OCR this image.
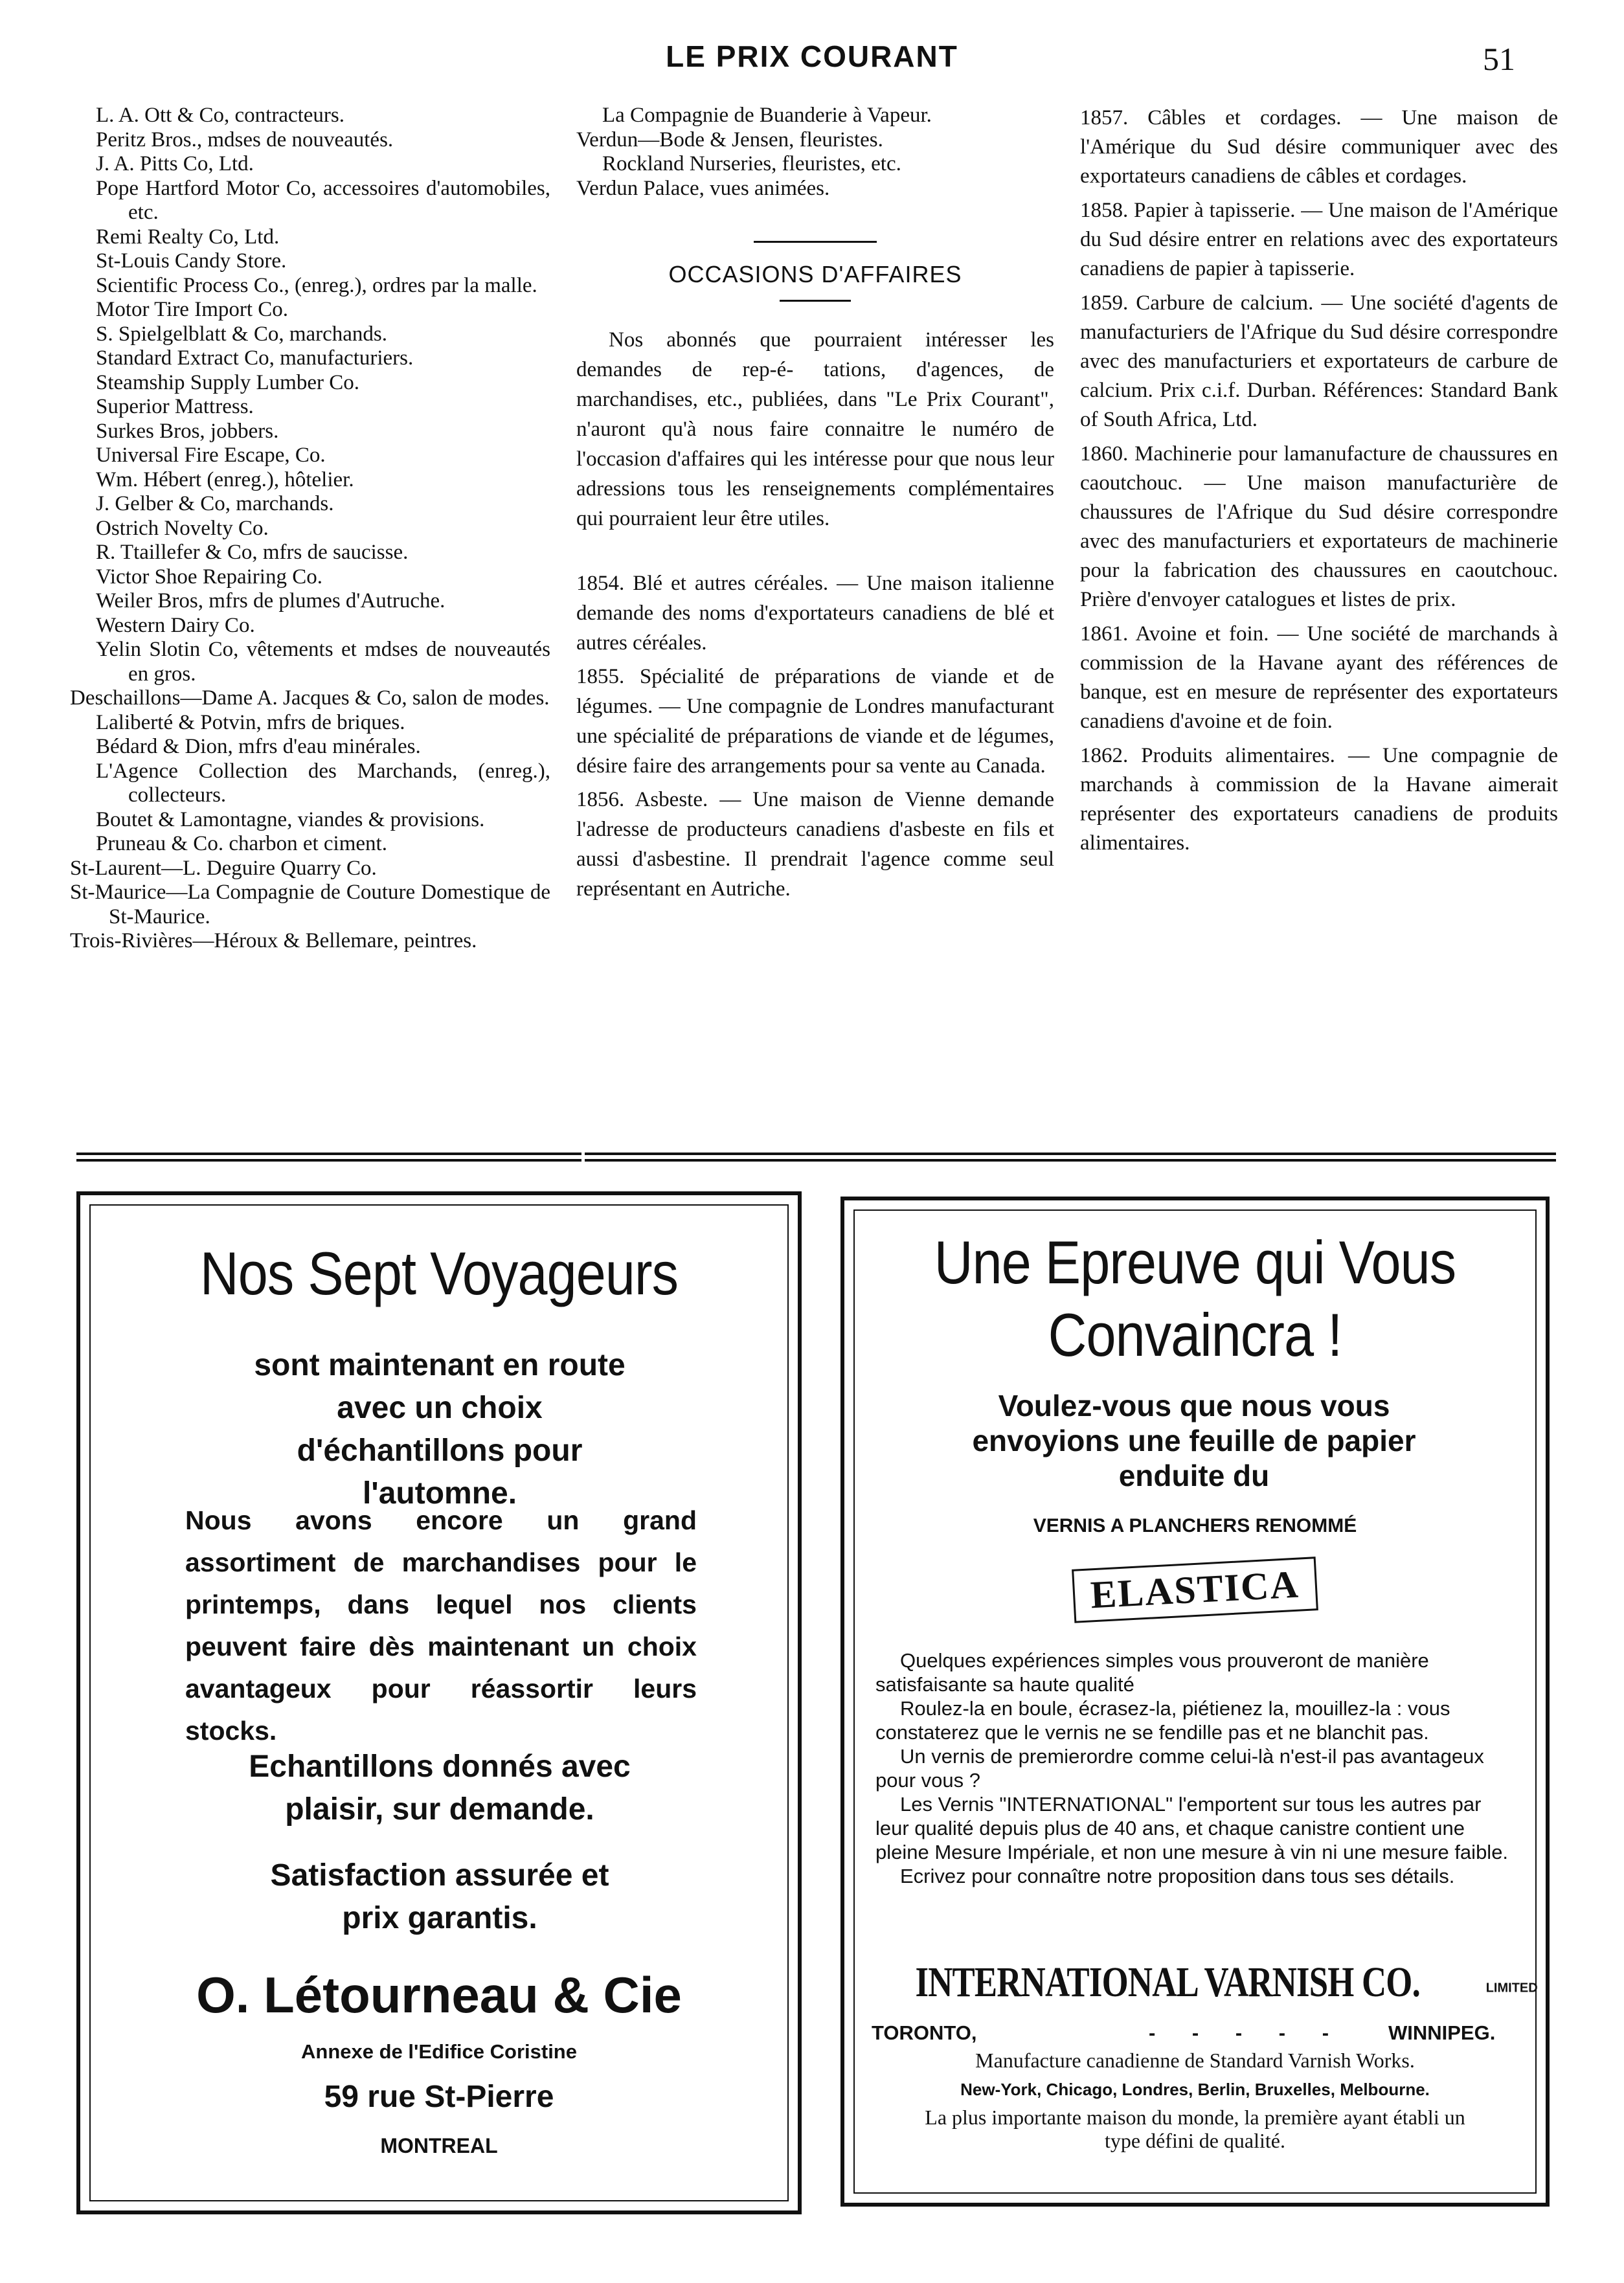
LE PRIX COURANT	51
L. A. Ott & Co, contracteurs.
Peritz Bros., mdses de nouveautés.
J. A. Pitts Co, Ltd.
Pope Hartford Motor Co, accessoires d'automobiles, etc.
Remi Realty Co, Ltd.
St-Louis Candy Store.
Scientific Process Co., (enreg.), ordres par la malle.
Motor Tire Import Co.
S. Spielgelblatt & Co, marchands.
Standard Extract Co, manufacturiers.
Steamship Supply Lumber Co.
Superior Mattress.
Surkes Bros, jobbers.
Universal Fire Escape, Co.
Wm. Hébert (enreg.), hôtelier.
J. Gelber & Co, marchands.
Ostrich Novelty Co.
R. Ttaillefer & Co, mfrs de saucisse.
Victor Shoe Repairing Co.
Weiler Bros, mfrs de plumes d'Autruche.
Western Dairy Co.
Yelin Slotin Co, vêtements et mdses de nouveautés en gros.
Deschaillons—Dame A. Jacques & Co, salon de modes.
Laliberté & Potvin, mfrs de briques.
Bédard & Dion, mfrs d'eau minérales.
L'Agence Collection des Marchands, (enreg.), collecteurs.
Boutet & Lamontagne, viandes & provisions.
Pruneau & Co. charbon et ciment.
St-Laurent—L. Deguire Quarry Co.
St-Maurice—La Compagnie de Couture Domestique de St-Maurice.
Trois-Rivières—Héroux & Bellemare, peintres.
La Compagnie de Buanderie à Vapeur.
Verdun—Bode & Jensen, fleuristes.
Rockland Nurseries, fleuristes, etc.
Verdun Palace, vues animées.
OCCASIONS D'AFFAIRES
Nos abonnés que pourraient intéresser les demandes de rep-é- tations, d'agences, de marchandises, etc., publiées, dans "Le Prix Courant", n'auront qu'à nous faire connaitre le numéro de l'occasion d'affaires qui les intéresse pour que nous leur adressions tous les renseignements complémentaires qui pourraient leur être utiles.
1854. Blé et autres céréales. — Une maison italienne demande des noms d'exportateurs canadiens de blé et autres céréales.
1855. Spécialité de préparations de viande et de légumes. — Une compagnie de Londres manufacturant une spécialité de préparations de viande et de légumes, désire faire des arrangements pour sa vente au Canada.
1856. Asbeste. — Une maison de Vienne demande l'adresse de producteurs canadiens d'asbeste en fils et aussi d'asbestine. Il prendrait l'agence comme seul représentant en Autriche.
1857. Câbles et cordages. — Une maison de l'Amérique du Sud désire communiquer avec des exportateurs canadiens de câbles et cordages.
1858. Papier à tapisserie. — Une maison de l'Amérique du Sud désire entrer en relations avec des exportateurs canadiens de papier à tapisserie.
1859. Carbure de calcium. — Une société d'agents de manufacturiers de l'Afrique du Sud désire correspondre avec des manufacturiers et exportateurs de carbure de calcium. Prix c.i.f. Durban. Références: Standard Bank of South Africa, Ltd.
1860. Machinerie pour lamanufacture de chaussures en caoutchouc. — Une maison manufacturière de chaussures de l'Afrique du Sud désire correspondre avec des manufacturiers et exportateurs de machinerie pour la fabrication des chaussures en caoutchouc. Prière d'envoyer catalogues et listes de prix.
1861. Avoine et foin. — Une société de marchands à commission de la Havane ayant des références de banque, est en mesure de représenter des exportateurs canadiens d'avoine et de foin.
1862. Produits alimentaires. — Une compagnie de marchands à commission de la Havane aimerait représenter des exportateurs canadiens de produits alimentaires.
Nos Sept Voyageurs
sont maintenant en route avec un choix d'échantillons pour l'automne.
Nous avons encore un grand assortiment de marchandises pour le printemps, dans lequel nos clients peuvent faire dès maintenant un choix avantageux pour réassortir leurs stocks.
Echantillons donnés avec plaisir, sur demande.
Satisfaction assurée et prix garantis.
O. Létourneau & Cie
Annexe de l'Edifice Coristine
59 rue St-Pierre
MONTREAL
Une Epreuve qui Vous
Convaincra !
Voulez-vous que nous vous envoyions une feuille de papier enduite du
VERNIS A PLANCHERS RENOMMÉ
ELASTICA
Quelques expériences simples vous prouveront de manière satisfaisante sa haute qualité
Roulez-la en boule, écrasez-la, piétienez la, mouillez-la : vous constaterez que le vernis ne se fendille pas et ne blanchit pas.
Un vernis de premierordre comme celui-là n'est-il pas avantageux pour vous ?
Les Vernis "INTERNATIONAL" l'emportent sur tous les autres par leur qualité depuis plus de 40 ans, et chaque canistre contient une pleine Mesure Impériale, et non une mesure à vin ni une mesure faible.
Ecrivez pour connaître notre proposition dans tous ses détails.
INTERNATIONAL VARNISH CO.	LIMITED
TORONTO,	- - - - - WINNIPEG.
Manufacture canadienne de Standard Varnish Works.
New-York, Chicago, Londres, Berlin, Bruxelles, Melbourne.
La plus importante maison du monde, la première ayant établi un type défini de qualité.
